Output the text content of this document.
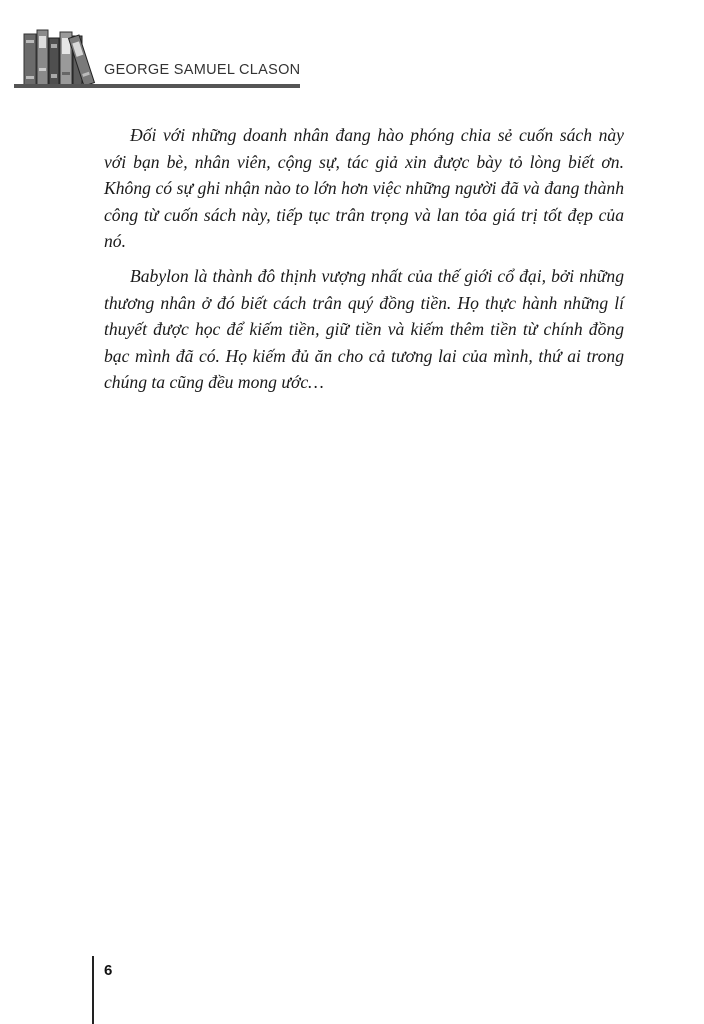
GEORGE SAMUEL CLASON

Đối với những doanh nhân đang hào phóng chia sẻ cuốn sách này với bạn bè, nhân viên, cộng sự, tác giả xin được bày tỏ lòng biết ơn. Không có sự ghi nhận nào to lớn hơn việc những người đã và đang thành công từ cuốn sách này, tiếp tục trân trọng và lan tỏa giá trị tốt đẹp của nó.

Babylon là thành đô thịnh vượng nhất của thế giới cổ đại, bởi những thương nhân ở đó biết cách trân quý đồng tiền. Họ thực hành những lí thuyết được học để kiếm tiền, giữ tiền và kiếm thêm tiền từ chính đồng bạc mình đã có. Họ kiếm đủ ăn cho cả tương lai của mình, thứ ai trong chúng ta cũng đều mong ước…

6
